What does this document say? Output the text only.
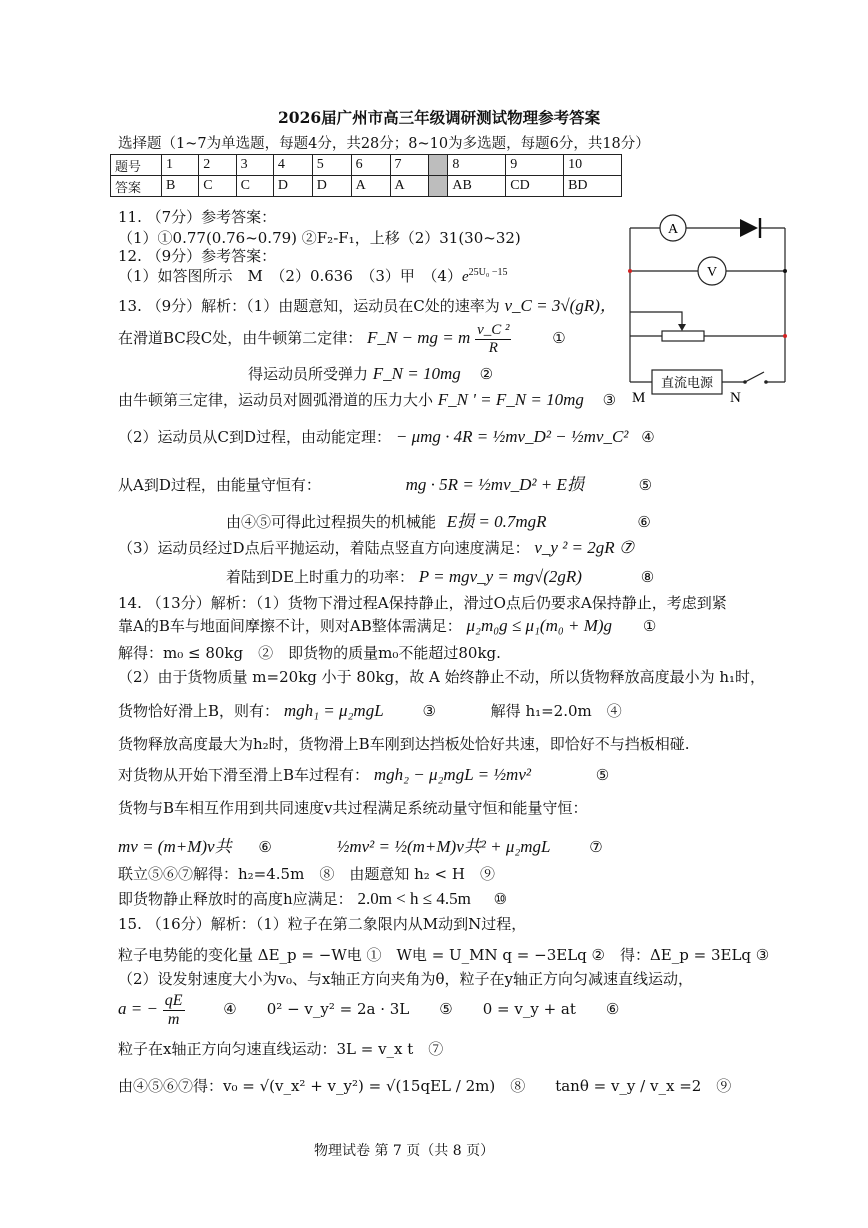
2026届广州市高三年级调研测试物理参考答案
选择题（1~7为单选题，每题4分，共28分；8~10为多选题，每题6分，共18分）
题号	1	2	3	4	5	6	7		8	9	10
答案	B	C	C	D	D	A	A		AB	CD	BD
11. （7分）参考答案：
（1）①0.77(0.76~0.79) ②F₂-F₁，上移（2）31(30~32)
12. （9分）参考答案：
（1）如答图所示　M　（2）0.636　（3）甲　$(4)e^{25U_0 -15}$
13. （9分）解析：（1）由题意知，运动员在C处的速率为 v_C = 3√(gR)，
在滑道BC段C处，由牛顿第二定律： F_N − mg = m $\frac{\text{v\_C ²}}{R}$	①
得运动员所受弹力 F_N = 10mg ②
由牛顿第三定律，运动员对圆弧滑道的压力大小 F_N ' = F_N = 10mg ③
（2）运动员从C到D过程，由动能定理： − μmg · 4R = ½mv_D² − ½mv_C² ④
从A到D过程，由能量守恒有：	mg · 5R = ½mv_D² + E损	⑤
由④⑤可得此过程损失的机械能 E损 = 0.7mgR	⑥
（3）运动员经过D点后平抛运动，着陆点竖直方向速度满足： v_y ² = 2gR ⑦
着陆到DE上时重力的功率： P = mgv_y = mg√(2gR)	⑧
14. （13分）解析：（1）货物下滑过程A保持静止，滑过O点后仍要求A保持静止，考虑到紧
靠A的B车与地面间摩擦不计，则对AB整体需满足： μ₂m₀g ≤ μ₁(m₀ + M)g ①
解得：m₀ ≤ 80kg　②　即货物的质量m₀不能超过80kg.
（2）由于货物质量 m=20kg 小于 80kg，故 A 始终静止不动，所以货物释放高度最小为 h₁时，
货物恰好滑上B，则有： mgh₁ = μ₂mgL	③	解得 h₁=2.0m　④
货物释放高度最大为h₂时，货物滑上B车刚到达挡板处恰好共速，即恰好不与挡板相碰.
对货物从开始下滑至滑上B车过程有： mgh₂ − μ₂mgL = ½mv²	⑤
货物与B车相互作用到共同速度v共过程满足系统动量守恒和能量守恒：
mv = (m+M)v共 ⑥	½mv² = ½(m+M)v共² + μ₂mgL	⑦
联立⑤⑥⑦解得：h₂=4.5m　⑧　由题意知 h₂ < H　⑨
即货物静止释放时的高度h应满足： 2.0m < h ≤ 4.5m ⑩
15. （16分）解析：（1）粒子在第二象限内从M动到N过程，
粒子电势能的变化量 ΔE_p = −W电 ①　W电 = U_MN q = −3ELq ②　得：ΔE_p = 3ELq ③
（2）设发射速度大小为v₀、与x轴正方向夹角为θ，粒子在y轴正方向匀减速直线运动，
a = − $\frac{qE}{m}$	④　　0² − v_y² = 2a · 3L　　⑤　　0 = v_y + at　　⑥
粒子在x轴正方向匀速直线运动：3L = v_x t　⑦
由④⑤⑥⑦得：v₀ = √(v_x² + v_y²) = √(15qEL / 2m)　⑧　　tanθ = v_y / v_x =2　⑨
物理试卷 第 7 页（共 8 页）
A
V
直流电源
M	N
